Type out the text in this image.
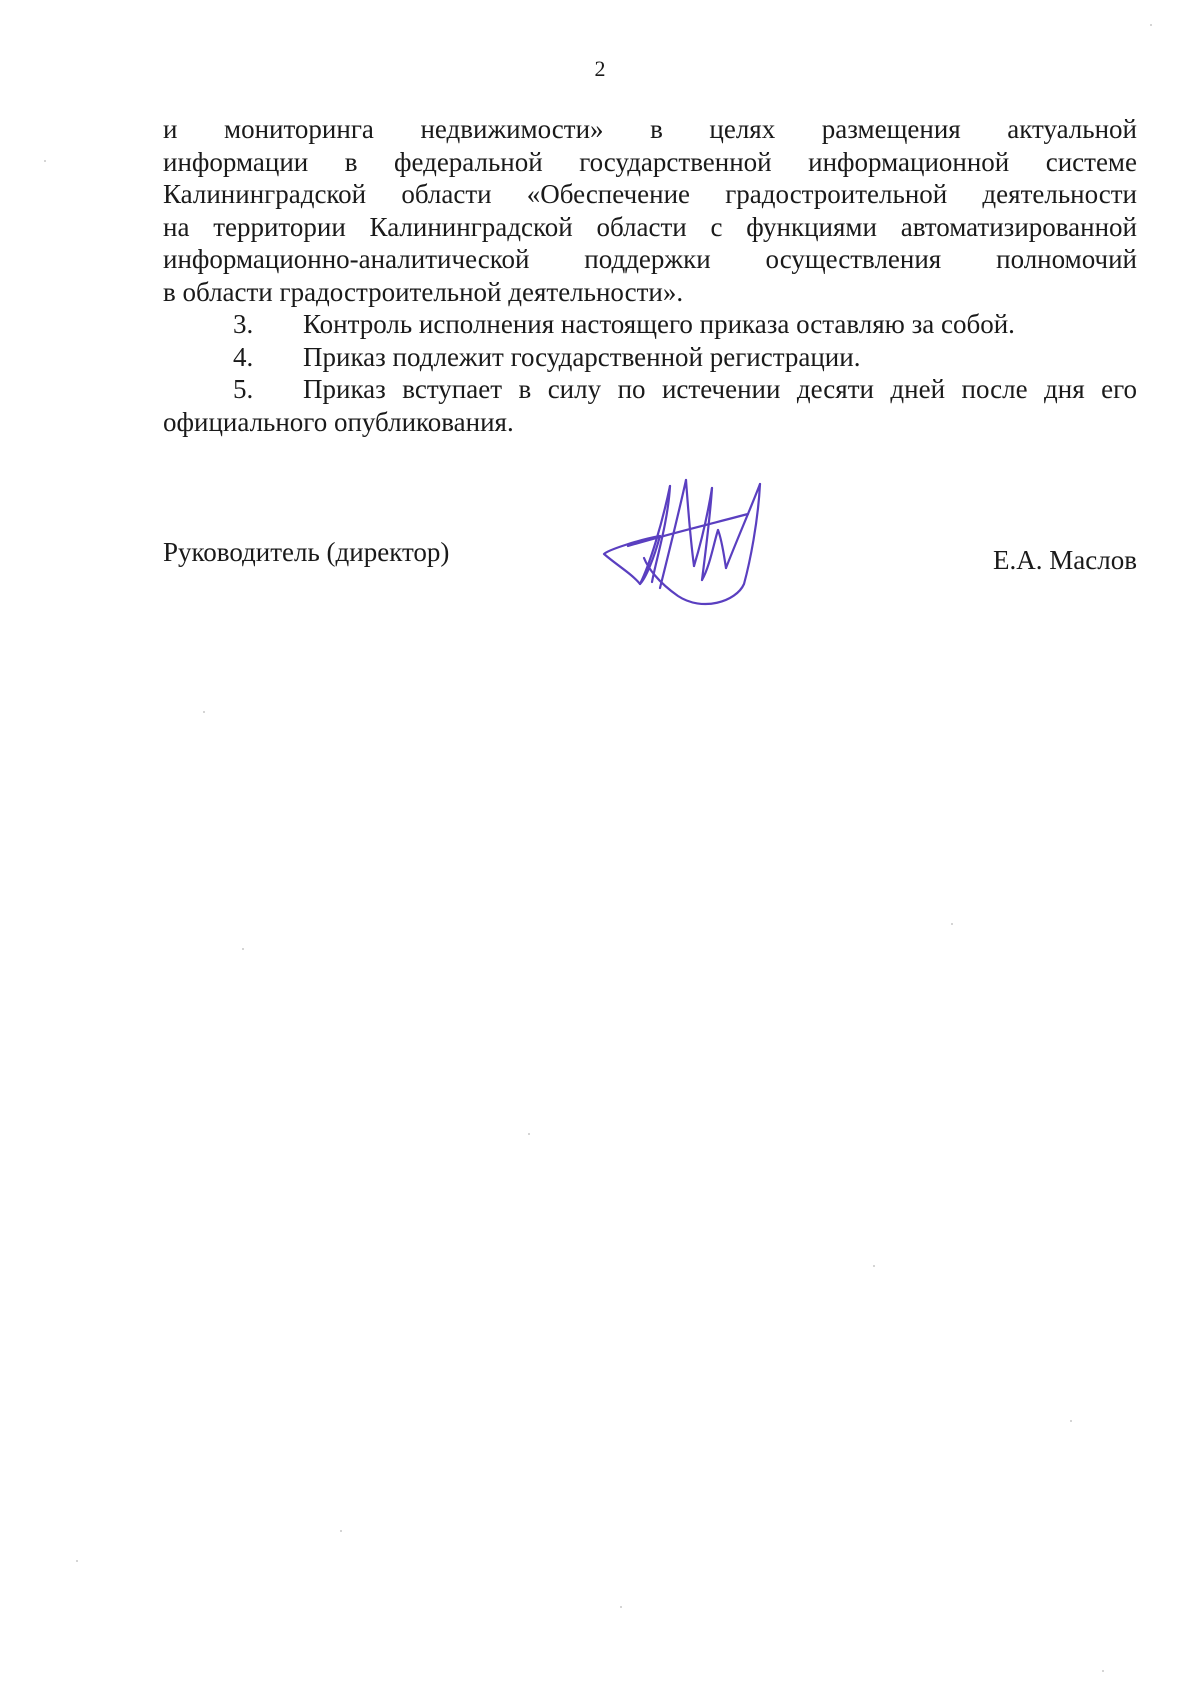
2

и мониторинга недвижимости» в целях размещения актуальной

информации в федеральной государственной информационной системе

Калининградской области «Обеспечение градостроительной деятельности

на территории Калининградской области с функциями автоматизированной

информационно-аналитической поддержки осуществления полномочий

в области градостроительной деятельности».

3. Контроль исполнения настоящего приказа оставляю за собой.

4. Приказ подлежит государственной регистрации.

5. Приказ вступает в силу по истечении десяти дней после дня его официального опубликования.

Руководитель (директор)	Е.А. Маслов
